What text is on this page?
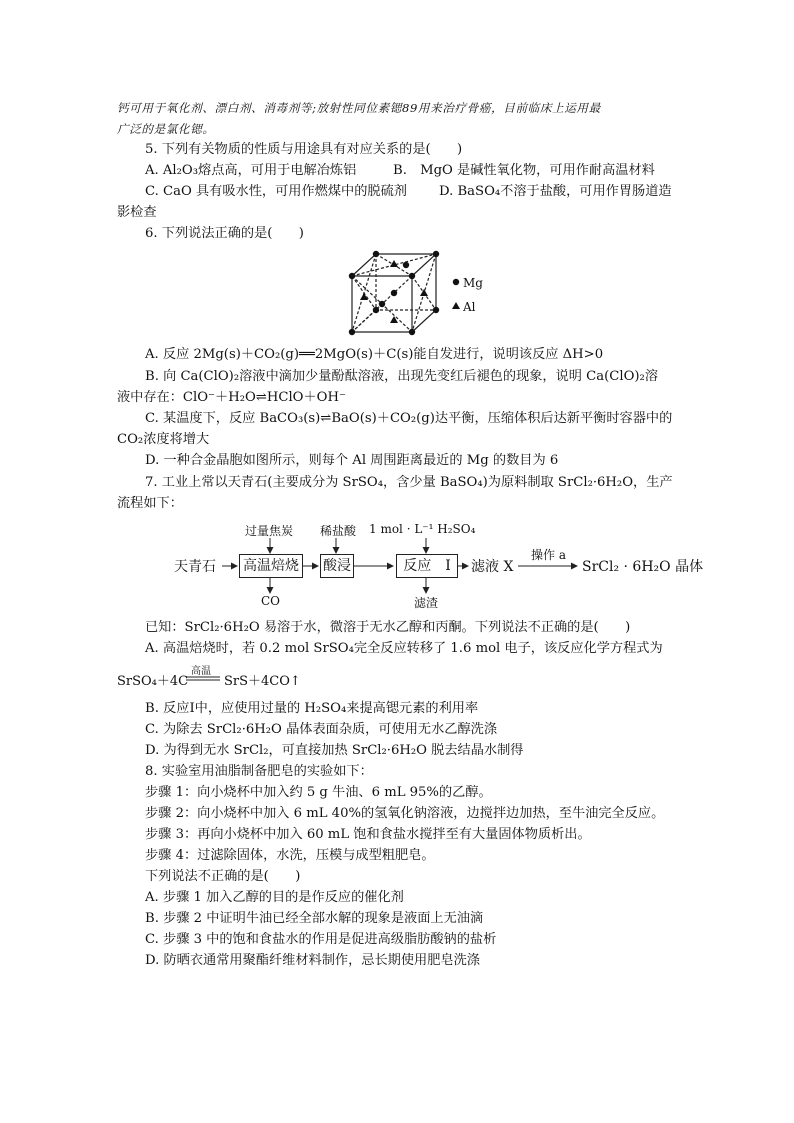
钙可用于氧化剂、漂白剂、消毒剂等;放射性同位素锶89用来治疗骨癌，目前临床上运用最
广泛的是氯化锶。
5. 下列有关物质的性质与用途具有对应关系的是(　　)
A. Al₂O₃熔点高，可用于电解冶炼铝	B.　MgO 是碱性氧化物，可用作耐高温材料
C. CaO 具有吸水性，可用作燃煤中的脱硫剂 D. BaSO₄不溶于盐酸，可用作胃肠道造
影检查
6. 下列说法正确的是(　　)
Mg
Al
A. 反应 2Mg(s)＋CO₂(g)══2MgO(s)＋C(s)能自发进行，说明该反应 ΔH>0
B. 向 Ca(ClO)₂溶液中滴加少量酚酞溶液，出现先变红后褪色的现象，说明 Ca(ClO)₂溶
液中存在：ClO⁻＋H₂O⇌HClO＋OH⁻
C. 某温度下，反应 BaCO₃(s)⇌BaO(s)＋CO₂(g)达平衡，压缩体积后达新平衡时容器中的
CO₂浓度将增大
D. 一种合金晶胞如图所示，则每个 Al 周围距离最近的 Mg 的数目为 6
7. 工业上常以天青石(主要成分为 SrSO₄，含少量 BaSO₄)为原料制取 SrCl₂·6H₂O，生产
流程如下：
天青石 高温焙烧 酸浸	反应　Ⅰ	滤液 X
操作 a
SrCl₂ · 6H₂O 晶体
过量焦炭 稀盐酸 1 mol · L⁻¹ H₂SO₄
CO	滤渣
已知：SrCl₂·6H₂O 易溶于水，微溶于无水乙醇和丙酮。下列说法不正确的是(　　)
A. 高温焙烧时，若 0.2 mol SrSO₄完全反应转移了 1.6 mol 电子，该反应化学方程式为
SrSO₄＋4C
高温
SrS＋4CO↑
B. 反应Ⅰ中，应使用过量的 H₂SO₄来提高锶元素的利用率
C. 为除去 SrCl₂·6H₂O 晶体表面杂质，可使用无水乙醇洗涤
D. 为得到无水 SrCl₂，可直接加热 SrCl₂·6H₂O 脱去结晶水制得
8. 实验室用油脂制备肥皂的实验如下：
步骤 1：向小烧杯中加入约 5 g 牛油、6 mL 95%的乙醇。
步骤 2：向小烧杯中加入 6 mL 40%的氢氧化钠溶液，边搅拌边加热，至牛油完全反应。
步骤 3：再向小烧杯中加入 60 mL 饱和食盐水搅拌至有大量固体物质析出。
步骤 4：过滤除固体，水洗，压模与成型粗肥皂。
下列说法不正确的是(　　)
A. 步骤 1 加入乙醇的目的是作反应的催化剂
B. 步骤 2 中证明牛油已经全部水解的现象是液面上无油滴
C. 步骤 3 中的饱和食盐水的作用是促进高级脂肪酸钠的盐析
D. 防晒衣通常用聚酯纤维材料制作，忌长期使用肥皂洗涤
